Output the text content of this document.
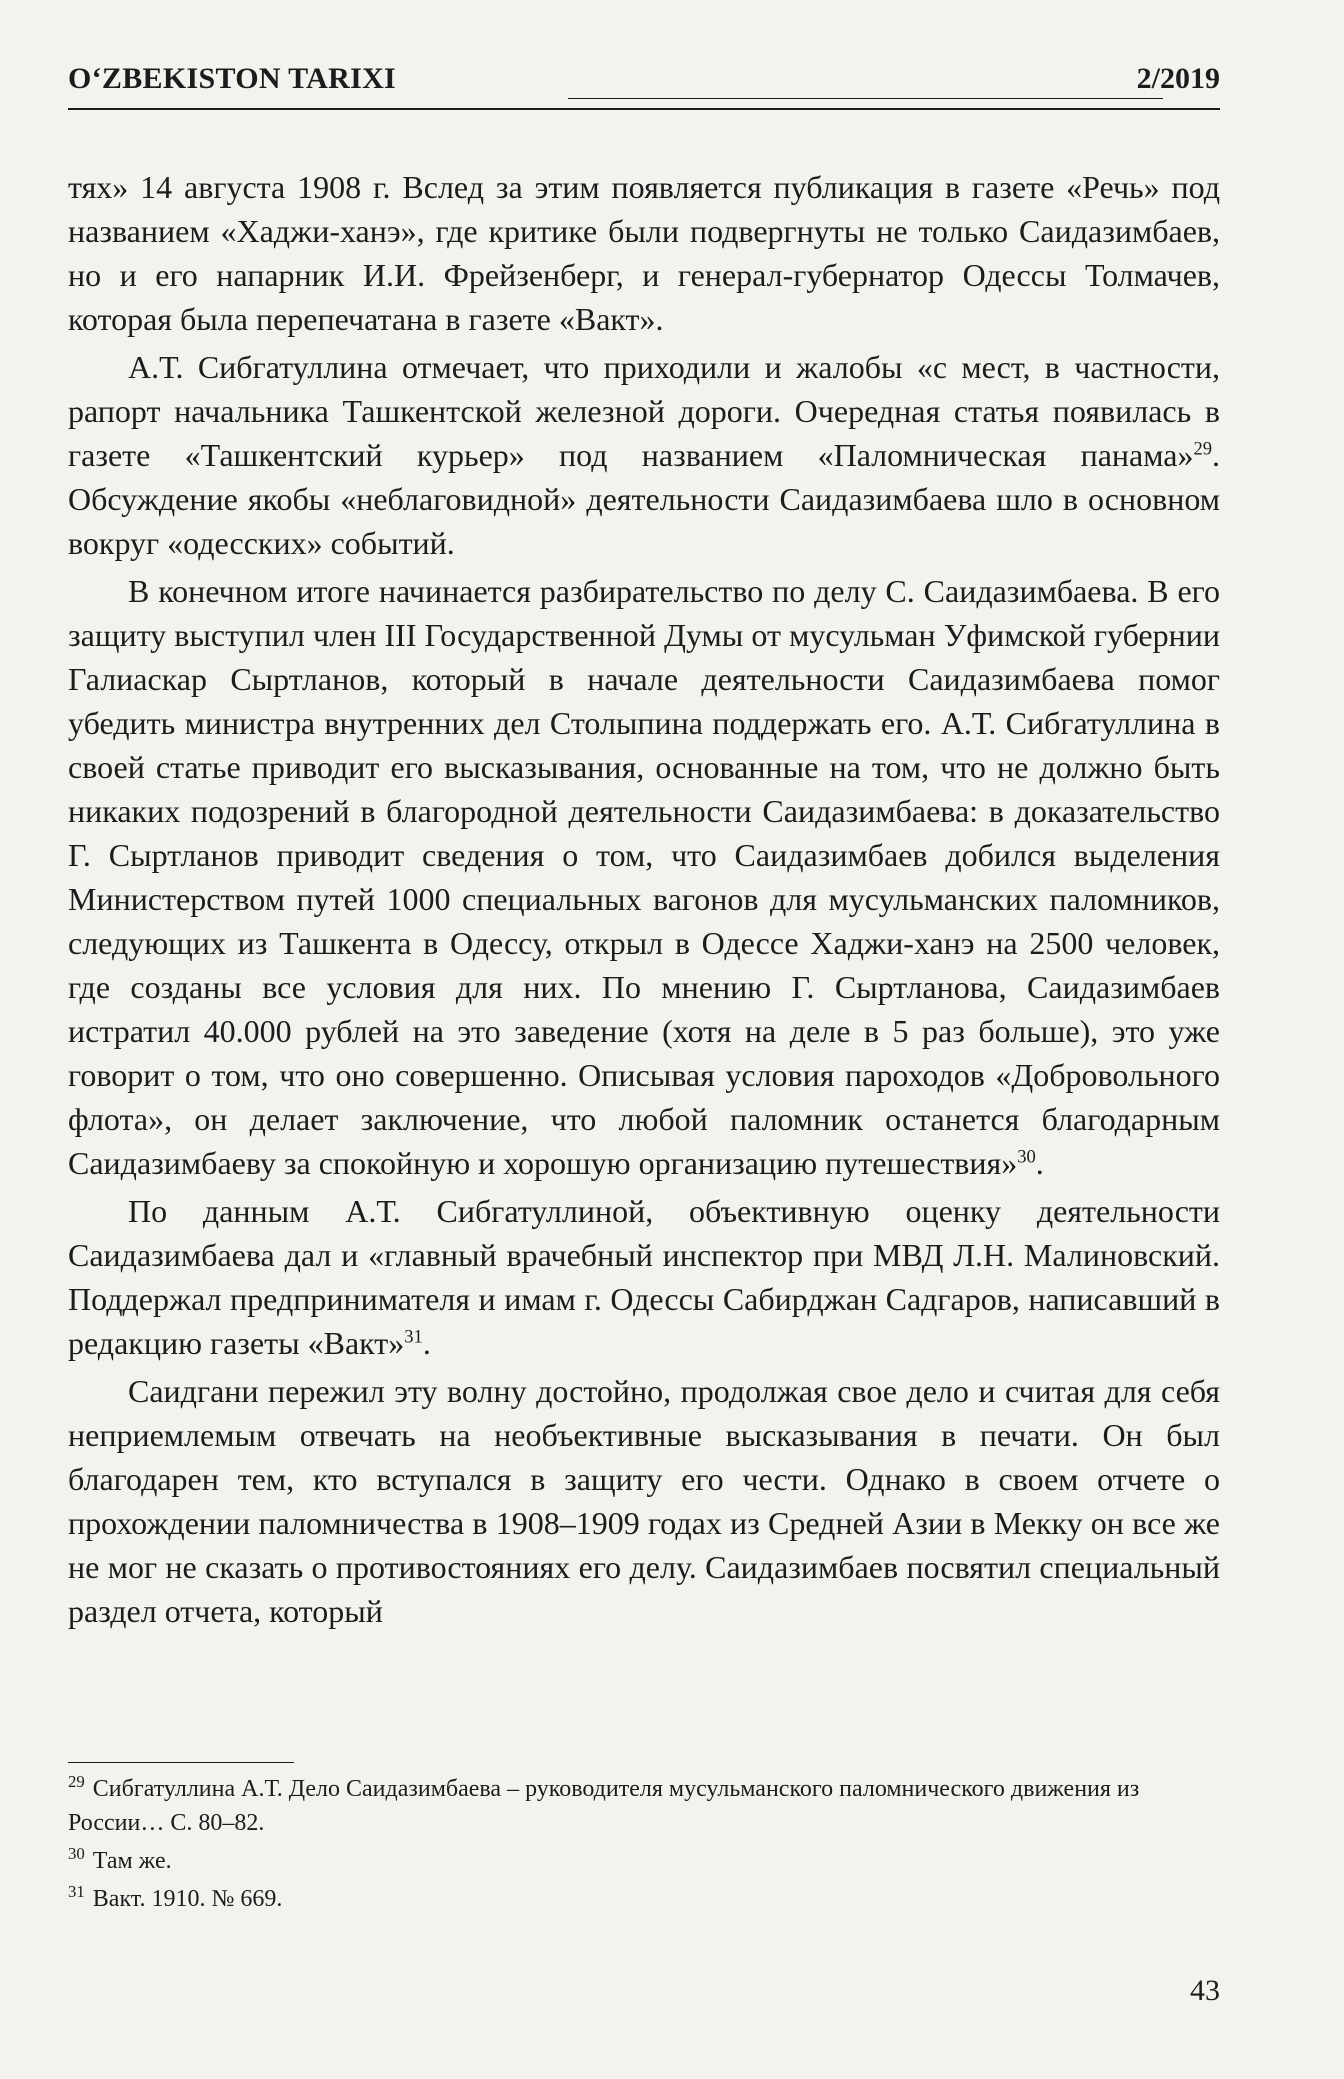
O‘ZBEKISTON TARIXI	2/2019

тях» 14 августа 1908 г. Вслед за этим появляется публикация в газете «Речь» под названием «Хаджи-ханэ», где критике были подвергнуты не только Саидазимбаев, но и его напарник И.И. Фрейзенберг, и генерал-губернатор Одессы Толмачев, которая была перепечатана в газете «Вакт».

А.Т. Сибгатуллина отмечает, что приходили и жалобы «с мест, в частности, рапорт начальника Ташкентской железной дороги. Очередная статья появилась в газете «Ташкентский курьер» под названием «Паломническая панама»$^{29}$. Обсуждение якобы «неблаговидной» деятельности Саидазимбаева шло в основном вокруг «одесских» событий.

В конечном итоге начинается разбирательство по делу С. Саидазимбаева. В его защиту выступил член III Государственной Думы от мусульман Уфимской губернии Галиаскар Сыртланов, который в начале деятельности Саидазимбаева помог убедить министра внутренних дел Столыпина поддержать его. А.Т. Сибгатуллина в своей статье приводит его высказывания, основанные на том, что не должно быть никаких подозрений в благородной деятельности Саидазимбаева: в доказательство Г. Сыртланов приводит сведения о том, что Саидазимбаев добился выделения Министерством путей 1000 специальных вагонов для мусульманских паломников, следующих из Ташкента в Одессу, открыл в Одессе Хаджи-ханэ на 2500 человек, где созданы все условия для них. По мнению Г. Сыртланова, Саидазимбаев истратил 40.000 рублей на это заведение (хотя на деле в 5 раз больше), это уже говорит о том, что оно совершенно. Описывая условия пароходов «Добровольного флота», он делает заключение, что любой паломник останется благодарным Саидазимбаеву за спокойную и хорошую организацию путешествия»$^{30}$.

По данным А.Т. Сибгатуллиной, объективную оценку деятельности Саидазимбаева дал и «главный врачебный инспектор при МВД Л.Н. Малиновский. Поддержал предпринимателя и имам г. Одессы Сабирджан Садгаров, написавший в редакцию газеты «Вакт»$^{31}$.

Саидгани пережил эту волну достойно, продолжая свое дело и считая для себя неприемлемым отвечать на необъективные высказывания в печати. Он был благодарен тем, кто вступался в защиту его чести. Однако в своем отчете о прохождении паломничества в 1908–1909 годах из Средней Азии в Мекку он все же не мог не сказать о противостояниях его делу. Саидазимбаев посвятил специальный раздел отчета, который

$^{29}$ Сибгатуллина А.Т. Дело Саидазимбаева – руководителя мусульманского паломнического движения из России… С. 80–82.

$^{30}$ Там же.

$^{31}$ Вакт. 1910. № 669.

43
